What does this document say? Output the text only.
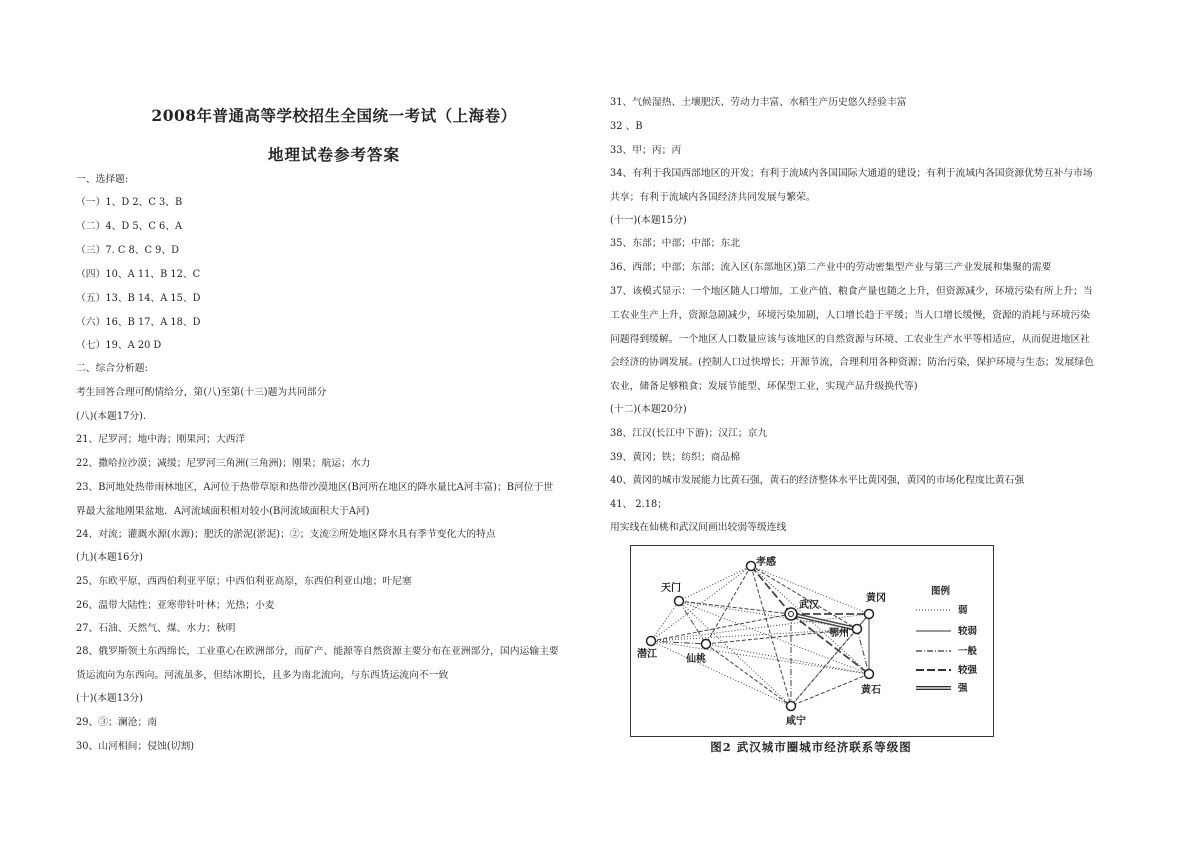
2008年普通高等学校招生全国统一考试（上海卷）
地理试卷参考答案
一、选择题:
（一）1、D 2、C 3、B
（二）4、D 5、C 6、A
（三）7. C 8、C 9、D
（四）10、A 11、B 12、C
（五）13、B 14、A 15、D
（六）16、B 17、A 18、D
（七）19、A 20 D
二、综合分析题:
考生回答合理可酌情给分，第(八)至第(十三)题为共同部分
(八)(本题17分).
21、尼罗河；地中海；刚果河；大西洋
22、撒哈拉沙漠；减缓；尼罗河三角洲(三角洲)；刚果；航运；水力
23、B河地处热带雨林地区，A河位于热带草原和热带沙漠地区(B河所在地区的降水量比A河丰富)；B河位于世
界最大盆地刚果盆地．A河流域面积相对较小(B河流域面积大于A河)
24、对流；灌溉水源(水源)；肥沃的淤泥(淤泥)；②；支流②所处地区降水具有季节变化大的特点
(九)(本题16分)
25、东欧平原，西西伯利亚平原；中西伯利亚高原，东西伯利亚山地；叶尼塞
26、温带大陆性；亚寒带针叶林；光热；小麦
27、石油、天然气、煤、水力；秋明
28、俄罗斯领土东西绵长，工业重心在欧洲部分，而矿产、能源等自然资源主要分布在亚洲部分，国内运输主要
货运流向为东西向。河流虽多，但结冰期长，且多为南北流向，与东西货运流向不一致
(十)(本题13分)
29、③；澜沧；南
30、山河相间；侵蚀(切割)
31、气候湿热、土壤肥沃、劳动力丰富、水稻生产历史悠久经验丰富
32 、B
33、甲；丙；丙
34、有利于我国西部地区的开发；有利于流域内各国国际大通道的建设；有利于流域内各国资源优势互补与市场
共享；有利于流域内各国经济共同发展与繁荣。
(十一)(本题15分)
35、东部；中部；中部；东北
36、西部；中部；东部；流入区(东部地区)第二产业中的劳动密集型产业与第三产业发展和集聚的需要
37、该模式显示：一个地区随人口增加，工业产值、粮食产量也随之上升，但资源减少，环境污染有所上升；当
工农业生产上升，资源急剧减少，环境污染加剧，人口增长趋于平缓；当人口增长缓慢，资源的消耗与环境污染
问题得到缓解。一个地区人口数量应该与该地区的自然资源与环境、工农业生产水平等相适应，从而促进地区社
会经济的协调发展。(控制人口过快增长；开源节流，合理利用各种资源；防治污染，保护环境与生态；发展绿色
农业，储备足够粮食；发展节能型、环保型工业，实现产品升级换代等)
(十二)(本题20分)
38、江汉(长江中下游)；汉江；京九
39、黄冈；铁；纺织；商品棉
40、黄冈的城市发展能力比黄石强，黄石的经济整体水平比黄冈强，黄冈的市场化程度比黄石强
41、 2.18；
用实线在仙桃和武汉间画出较弱等级连线
孝感
天门
武汉
黄冈
鄂州
潜江	仙桃
黄石
咸宁
图例
弱
较弱
一般
较强
强
图2 武汉城市圈城市经济联系等级图
